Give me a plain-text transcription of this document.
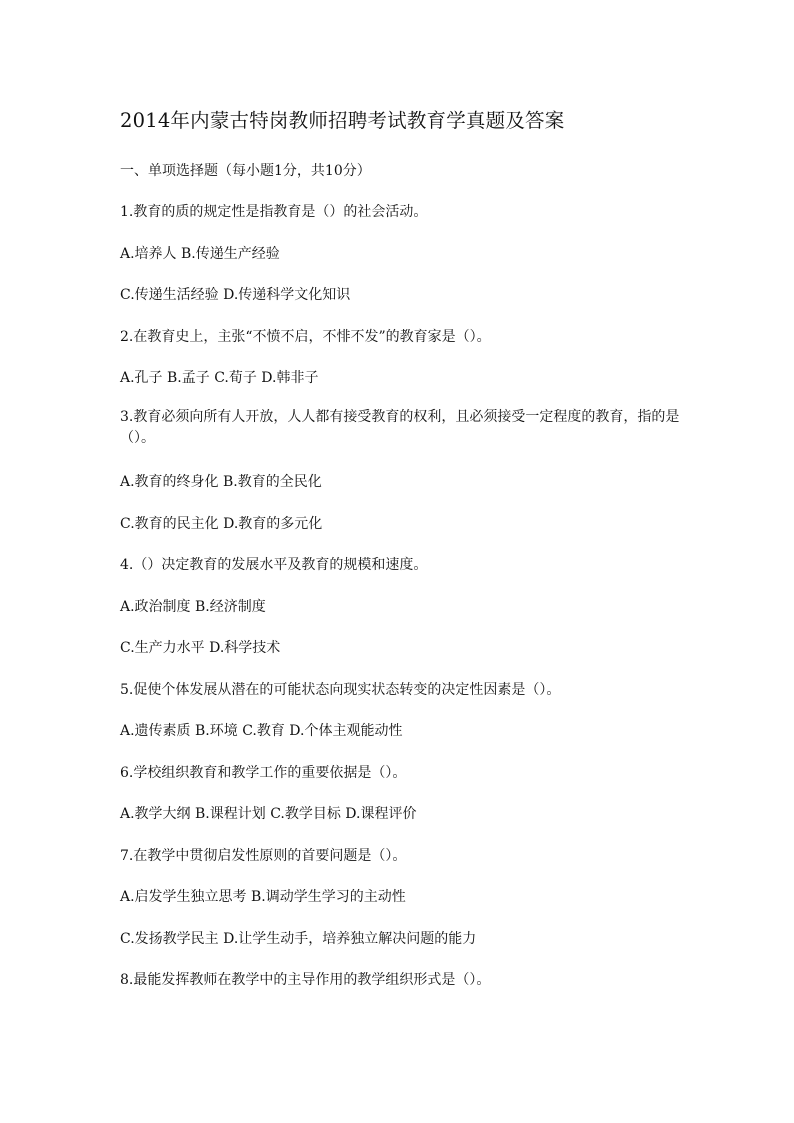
2014年内蒙古特岗教师招聘考试教育学真题及答案
一、单项选择题（每小题1分，共10分）
1.教育的质的规定性是指教育是（）的社会活动。
A.培养人 B.传递生产经验
C.传递生活经验 D.传递科学文化知识
2.在教育史上，主张“不愤不启，不悱不发”的教育家是（）。
A.孔子 B.孟子 C.荀子 D.韩非子
3.教育必须向所有人开放，人人都有接受教育的权利，且必须接受一定程度的教育，指的是（）。
A.教育的终身化 B.教育的全民化
C.教育的民主化 D.教育的多元化
4.（）决定教育的发展水平及教育的规模和速度。
A.政治制度 B.经济制度
C.生产力水平 D.科学技术
5.促使个体发展从潜在的可能状态向现实状态转变的决定性因素是（）。
A.遗传素质 B.环境 C.教育 D.个体主观能动性
6.学校组织教育和教学工作的重要依据是（）。
A.教学大纲 B.课程计划 C.教学目标 D.课程评价
7.在教学中贯彻启发性原则的首要问题是（）。
A.启发学生独立思考 B.调动学生学习的主动性
C.发扬教学民主 D.让学生动手，培养独立解决问题的能力
8.最能发挥教师在教学中的主导作用的教学组织形式是（）。
